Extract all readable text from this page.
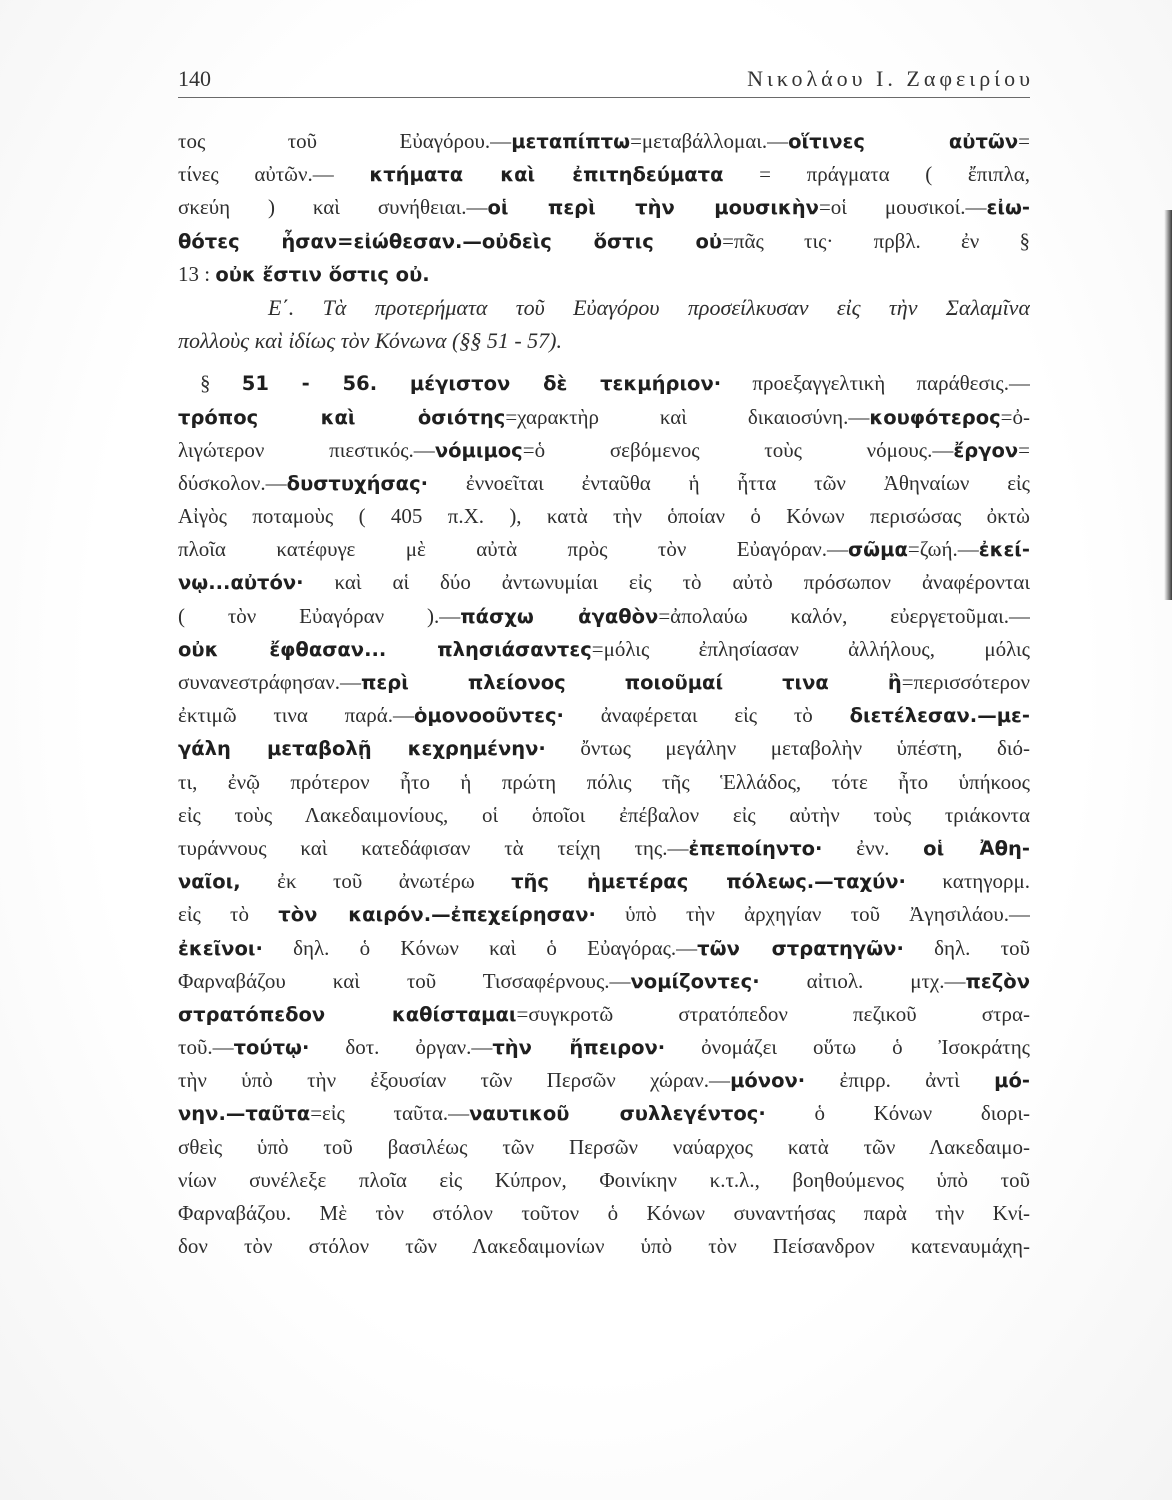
140	Νικολάου Ι. Ζαφειρίου
τος τοῦ Εὐαγόρου.—μεταπίπτω=μεταβάλλομαι.—οἵτινες αὐτῶν=
τίνες αὐτῶν.— κτήματα καὶ ἐπιτηδεύματα = πράγματα ( ἔπιπλα,
σκεύη ) καὶ συνήθειαι.—οἱ περὶ τὴν μουσικὴν=οἱ μουσικοί.—εἰω-
θότες ἦσαν=εἰώθεσαν.—οὐδεὶς ὅστις οὐ=πᾶς τις· πρβλ. ἐν §
13 : οὐκ ἔστιν ὅστις οὐ.
Ε΄. Τὰ προτερήματα τοῦ Εὐαγόρου προσείλκυσαν εἰς τὴν Σαλαμῖνα
πολλοὺς καὶ ἰδίως τὸν Κόνωνα (§§ 51 - 57).
§ 51 - 56. μέγιστον δὲ τεκμήριον· προεξαγγελτικὴ παράθεσις.—
τρόπος καὶ ὁσιότης=χαρακτὴρ καὶ δικαιοσύνη.—κουφότερος=ὀ-
λιγώτερον πιεστικός.—νόμιμος=ὁ σεβόμενος τοὺς νόμους.—ἔργον=
δύσκολον.—δυστυχήσας· ἐννοεῖται ἐνταῦθα ἡ ἧττα τῶν Ἀθηναίων εἰς
Αἰγὸς ποταμοὺς ( 405 π.Χ. ), κατὰ τὴν ὁποίαν ὁ Κόνων περισώσας ὀκτὼ
πλοῖα κατέφυγε μὲ αὐτὰ πρὸς τὸν Εὐαγόραν.—σῶμα=ζωή.—ἐκεί-
νῳ...αὐτόν· καὶ αἱ δύο ἀντωνυμίαι εἰς τὸ αὐτὸ πρόσωπον ἀναφέρονται
( τὸν Εὐαγόραν ).—πάσχω ἀγαθὸν=ἀπολαύω καλόν, εὐεργετοῦμαι.—
οὐκ ἔφθασαν... πλησιάσαντες=μόλις ἐπλησίασαν ἀλλήλους, μόλις
συνανεστράφησαν.—περὶ πλείονος ποιοῦμαί τινα ἢ=περισσότερον
ἐκτιμῶ τινα παρά.—ὁμονοοῦντες· ἀναφέρεται εἰς τὸ διετέλεσαν.—με-
γάλη μεταβολῇ κεχρημένην· ὄντως μεγάλην μεταβολὴν ὑπέστη, διό-
τι, ἐνῷ πρότερον ἦτο ἡ πρώτη πόλις τῆς Ἑλλάδος, τότε ἦτο ὑπήκοος
εἰς τοὺς Λακεδαιμονίους, οἱ ὁποῖοι ἐπέβαλον εἰς αὐτὴν τοὺς τριάκοντα
τυράννους καὶ κατεδάφισαν τὰ τείχη της.—ἐπεποίηντο· ἐνν. οἱ Ἀθη-
ναῖοι, ἐκ τοῦ ἀνωτέρω τῆς ἡμετέρας πόλεως.—ταχύν· κατηγορμ.
εἰς τὸ τὸν καιρόν.—ἐπεχείρησαν· ὑπὸ τὴν ἀρχηγίαν τοῦ Ἀγησιλάου.—
ἐκεῖνοι· δηλ. ὁ Κόνων καὶ ὁ Εὐαγόρας.—τῶν στρατηγῶν· δηλ. τοῦ
Φαρναβάζου καὶ τοῦ Τισσαφέρνους.—νομίζοντες· αἰτιολ. μτχ.—πεζὸν
στρατόπεδον καθίσταμαι=συγκροτῶ στρατόπεδον πεζικοῦ στρα-
τοῦ.—τούτῳ· δοτ. ὀργαν.—τὴν ἤπειρον· ὀνομάζει οὕτω ὁ Ἰσοκράτης
τὴν ὑπὸ τὴν ἐξουσίαν τῶν Περσῶν χώραν.—μόνον· ἐπιρρ. ἀντὶ μό-
νην.—ταῦτα=εἰς ταῦτα.—ναυτικοῦ συλλεγέντος· ὁ Κόνων διορι-
σθεὶς ὑπὸ τοῦ βασιλέως τῶν Περσῶν ναύαρχος κατὰ τῶν Λακεδαιμο-
νίων συνέλεξε πλοῖα εἰς Κύπρον, Φοινίκην κ.τ.λ., βοηθούμενος ὑπὸ τοῦ
Φαρναβάζου. Μὲ τὸν στόλον τοῦτον ὁ Κόνων συναντήσας παρὰ τὴν Κνί-
δον τὸν στόλον τῶν Λακεδαιμονίων ὑπὸ τὸν Πείσανδρον κατεναυμάχη-
